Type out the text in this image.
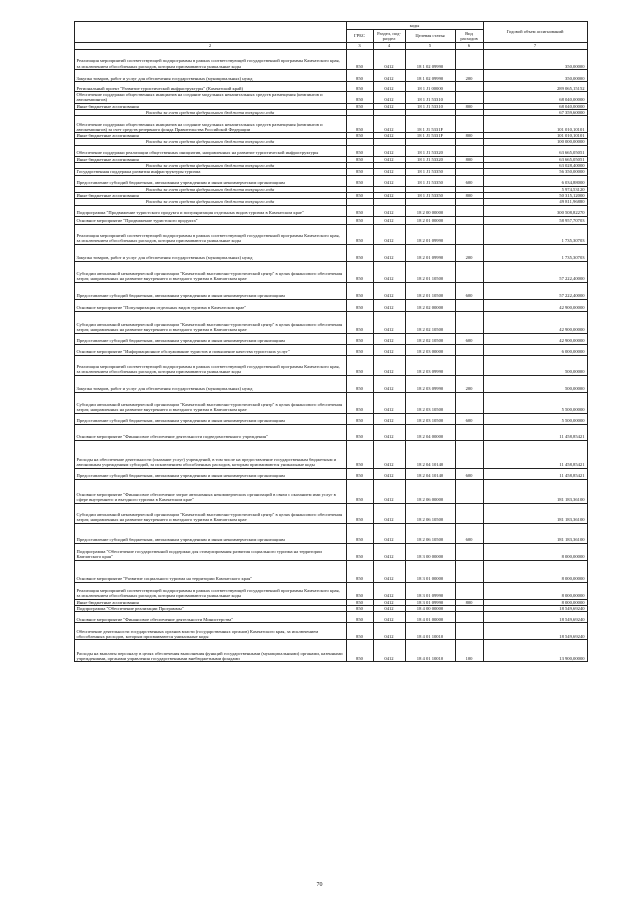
		коды				Годовой объем ассигнований
	ГРБС	Раздел, под-раздел	Целевая статья	Вид расходов	
	2	3	4	5	6	7
	Реализация мероприятий соответствующей подпрограммы в рамках соответствующей государственной программы Камчатского края, за исключением обособленных расходов, которым присваиваются уникальные коды	850	0412	18 1 02 09990		350,00000
	Закупка товаров, работ и услуг для обеспечения государственных (муниципальных) нужд	850	0412	18 1 02 09990	200	350,00000
	Региональный проект "Развитие туристической инфраструктуры" (Камчатский край)	850	0412	18 1 J1 00000		289 065,15152
	Обеспечение поддержки общественных инициатив на создание модульных некапитальных средств размещения (кемпингов и автокемпингов)	850	0412	18 1 J1 53310		68 040,00000
	Иные бюджетные ассигнования	850	0412	18 1 J1 53310	800	68 040,00000
	Расходы за счет средств федерального бюджета текущего года					67 359,60000
	Обеспечение поддержки общественных инициатив на создание модульных некапитальных средств размещения (кемпингов и автокемпингов) за счет средств резервного фонда Правительства Российской Федерации	850	0412	18 1 J1 5331F		101 010,10101
	Иные бюджетные ассигнования	850	0412	18 1 J1 5331F	800	101 010,10101
	Расходы за счет средств федерального бюджета текущего года					100 000,00000
	Обеспечение поддержки реализации общественных инициатив, направленных на развитие туристической инфраструктуры	850	0412	18 1 J1 53320		63 665,05051
	Иные бюджетные ассигнования	850	0412	18 1 J1 53320	800	63 665,05051
	Расходы за счет средств федерального бюджета текущего года					63 028,40000
	Государственная поддержка развития инфраструктуры туризма	850	0412	18 1 J1 53350		56 350,00000
	Предоставление субсидий бюджетным, автономным учреждениям и иным некоммерческим организациям	850	0412	18 1 J1 53350	600	6 034,88000
	Расходы за счет средств федерального бюджета текущего года					5 974,53120
	Иные бюджетные ассигнования	850	0412	18 1 J1 53350	800	50 315,12000
	Расходы за счет средств федерального бюджета текущего года					49 811,96880
	Подпрограмма "Продвижение туристского продукта и популяризация отдельных видов туризма в Камчатском крае"	850	0412	18 2 00 00000		300 508,82270
	Основное мероприятие "Продвижение туристского продукта"	850	0412	18 2 01 00000		58 957,70703
	Реализация мероприятий соответствующей подпрограммы в рамках соответствующей государственной программы Камчатского края, за исключением обособленных расходов, которым присваиваются уникальные коды	850	0412	18 2 01 09990		1 735,30703
	Закупка товаров, работ и услуг для обеспечения государственных (муниципальных) нужд	850	0412	18 2 01 09990	200	1 735,30703
	Субсидии автономной некоммерческой организации "Камчатский выставочно-туристический центр" в целях финансового обеспечения затрат, направленных на развитие внутреннего и въездного туризма в Камчатском крае	850	0412	18 2 01 10500		57 222,40000
	Предоставление субсидий бюджетным, автономным учреждениям и иным некоммерческим организациям	850	0412	18 2 01 10500	600	57 222,40000
	Основное мероприятие "Популяризация отдельных видов туризма в Камчатском крае"	850	0412	18 2 02 00000		42 900,00000
	Субсидии автономной некоммерческой организации "Камчатский выставочно-туристический центр" в целях финансового обеспечения затрат, направленных на развитие внутреннего и въездного туризма в Камчатском крае	850	0412	18 2 02 10500		42 900,00000
	Предоставление субсидий бюджетным, автономным учреждениям и иным некоммерческим организациям	850	0412	18 2 02 10500	600	42 900,00000
	Основное мероприятие "Информационное обслуживание туристов и повышение качества туристских услуг"	850	0412	18 2 03 00000		6 000,00000
	Реализация мероприятий соответствующей подпрограммы в рамках соответствующей государственной программы Камчатского края, за исключением обособленных расходов, которым присваиваются уникальные коды	850	0412	18 2 03 09990		500,00000
	Закупка товаров, работ и услуг для обеспечения государственных (муниципальных) нужд	850	0412	18 2 03 09990	200	500,00000
	Субсидии автономной некоммерческой организации "Камчатский выставочно-туристический центр" в целях финансового обеспечения затрат, направленных на развитие внутреннего и въездного туризма в Камчатском крае	850	0412	18 2 03 10500		5 500,00000
	Предоставление субсидий бюджетным, автономным учреждениям и иным некоммерческим организациям	850	0412	18 2 03 10500	600	5 500,00000
	Основное мероприятие "Финансовое обеспечение деятельности подведомственного учреждения"	850	0412	18 2 04 00000		11 458,85421
	Расходы на обеспечение деятельности (оказание услуг) учреждений, в том числе на предоставление государственным бюджетным и автономным учреждениям субсидий, за исключением обособленных расходов, которым присваиваются уникальные коды	850	0412	18 2 04 10140		11 458,85421
	Предоставление субсидий бюджетным, автономным учреждениям и иным некоммерческим организациям	850	0412	18 2 04 10140	600	11 458,85421
	Основное мероприятие "Финансовое обеспечение затрат автономных некоммерческих организаций в связи с оказанием ими услуг в сфере внутреннего и въездного туризма в Камчатском крае"	850	0412	18 2 06 00000		181 183,36100
	Субсидии автономной некоммерческой организации "Камчатский выставочно-туристический центр" в целях финансового обеспечения затрат, направленных на развитие внутреннего и въездного туризма в Камчатском крае	850	0412	18 2 06 10500		181 183,36100
	Предоставление субсидий бюджетным, автономным учреждениям и иным некоммерческим организациям	850	0412	18 2 06 10500	600	181 183,36100
	Подпрограмма "Обеспечение государственной поддержки для стимулирования развития социального туризма на территории Камчатского края"	850	0412	18 3 00 00000		8 000,00000
	Основное мероприятие "Развитие социального туризма на территории Камчатского края"	850	0412	18 3 01 00000		8 000,00000
	Реализация мероприятий соответствующей подпрограммы в рамках соответствующей государственной программы Камчатского края, за исключением обособленных расходов, которым присваиваются уникальные коды	850	0412	18 3 01 09990		8 000,00000
	Иные бюджетные ассигнования	850	0412	18 3 01 09990	800	8 000,00000
	Подпрограмма "Обеспечение реализации Программы"	850	0412	18 4 00 00000		18 549,69240
	Основное мероприятие "Финансовое обеспечение деятельности Министерства"	850	0412	18 4 01 00000		18 549,69240
	Обеспечение деятельности государственных органов власти (государственных органов) Камчатского края, за исключением обособленных расходов, которым присваиваются уникальные коды	850	0412	18 4 01 10010		18 549,69240
	Расходы на выплаты персоналу в целях обеспечения выполнения функций государственными (муниципальными) органами, казенными учреждениями, органами управления государственными внебюджетными фондами	850	0412	18 4 01 10010	100	13 900,00000
70
